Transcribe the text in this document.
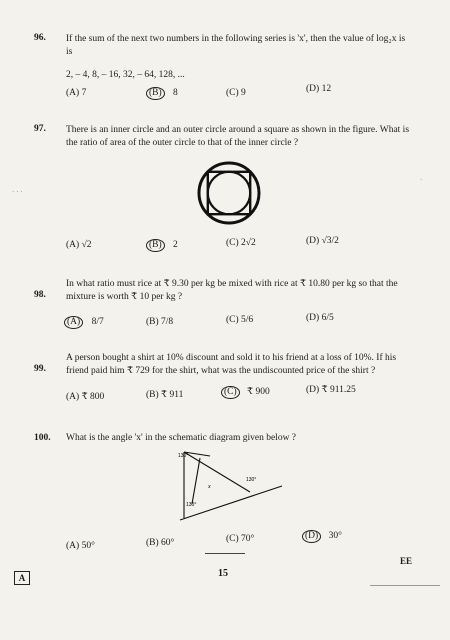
96. If the sum of the next two numbers in the following series is 'x', then the value of log₂x is
is
2, – 4, 8, – 16, 32, – 64, 128, ...
(A) 7	(B) 8	(C) 9	(D) 12
97. There is an inner circle and an outer circle around a square as shown in the figure. What is
the ratio of area of the outer circle to that of the inner circle ?
(A) √2	(B) 2	(C) 2√2	(D) √3/2
98.
In what ratio must rice at ₹ 9.30 per kg be mixed with rice at ₹ 10.80 per kg so that the
mixture is worth ₹ 10 per kg ?
(A) 8/7	(B) 7/8	(C) 5/6	(D) 6/5
99.
A person bought a shirt at 10% discount and sold it to his friend at a loss of 10%. If his
friend paid him ₹ 729 for the shirt, what was the undiscounted price of the shirt ?
(A) ₹ 800	(B) ₹ 911	(C) ₹ 900	(D) ₹ 911.25
100. What is the angle 'x' in the schematic diagram given below ?
130°
130°
x
130°
(A) 50°	(B) 60°	(C) 70°	(D) 30°
A	15
EE
· · ·
·
